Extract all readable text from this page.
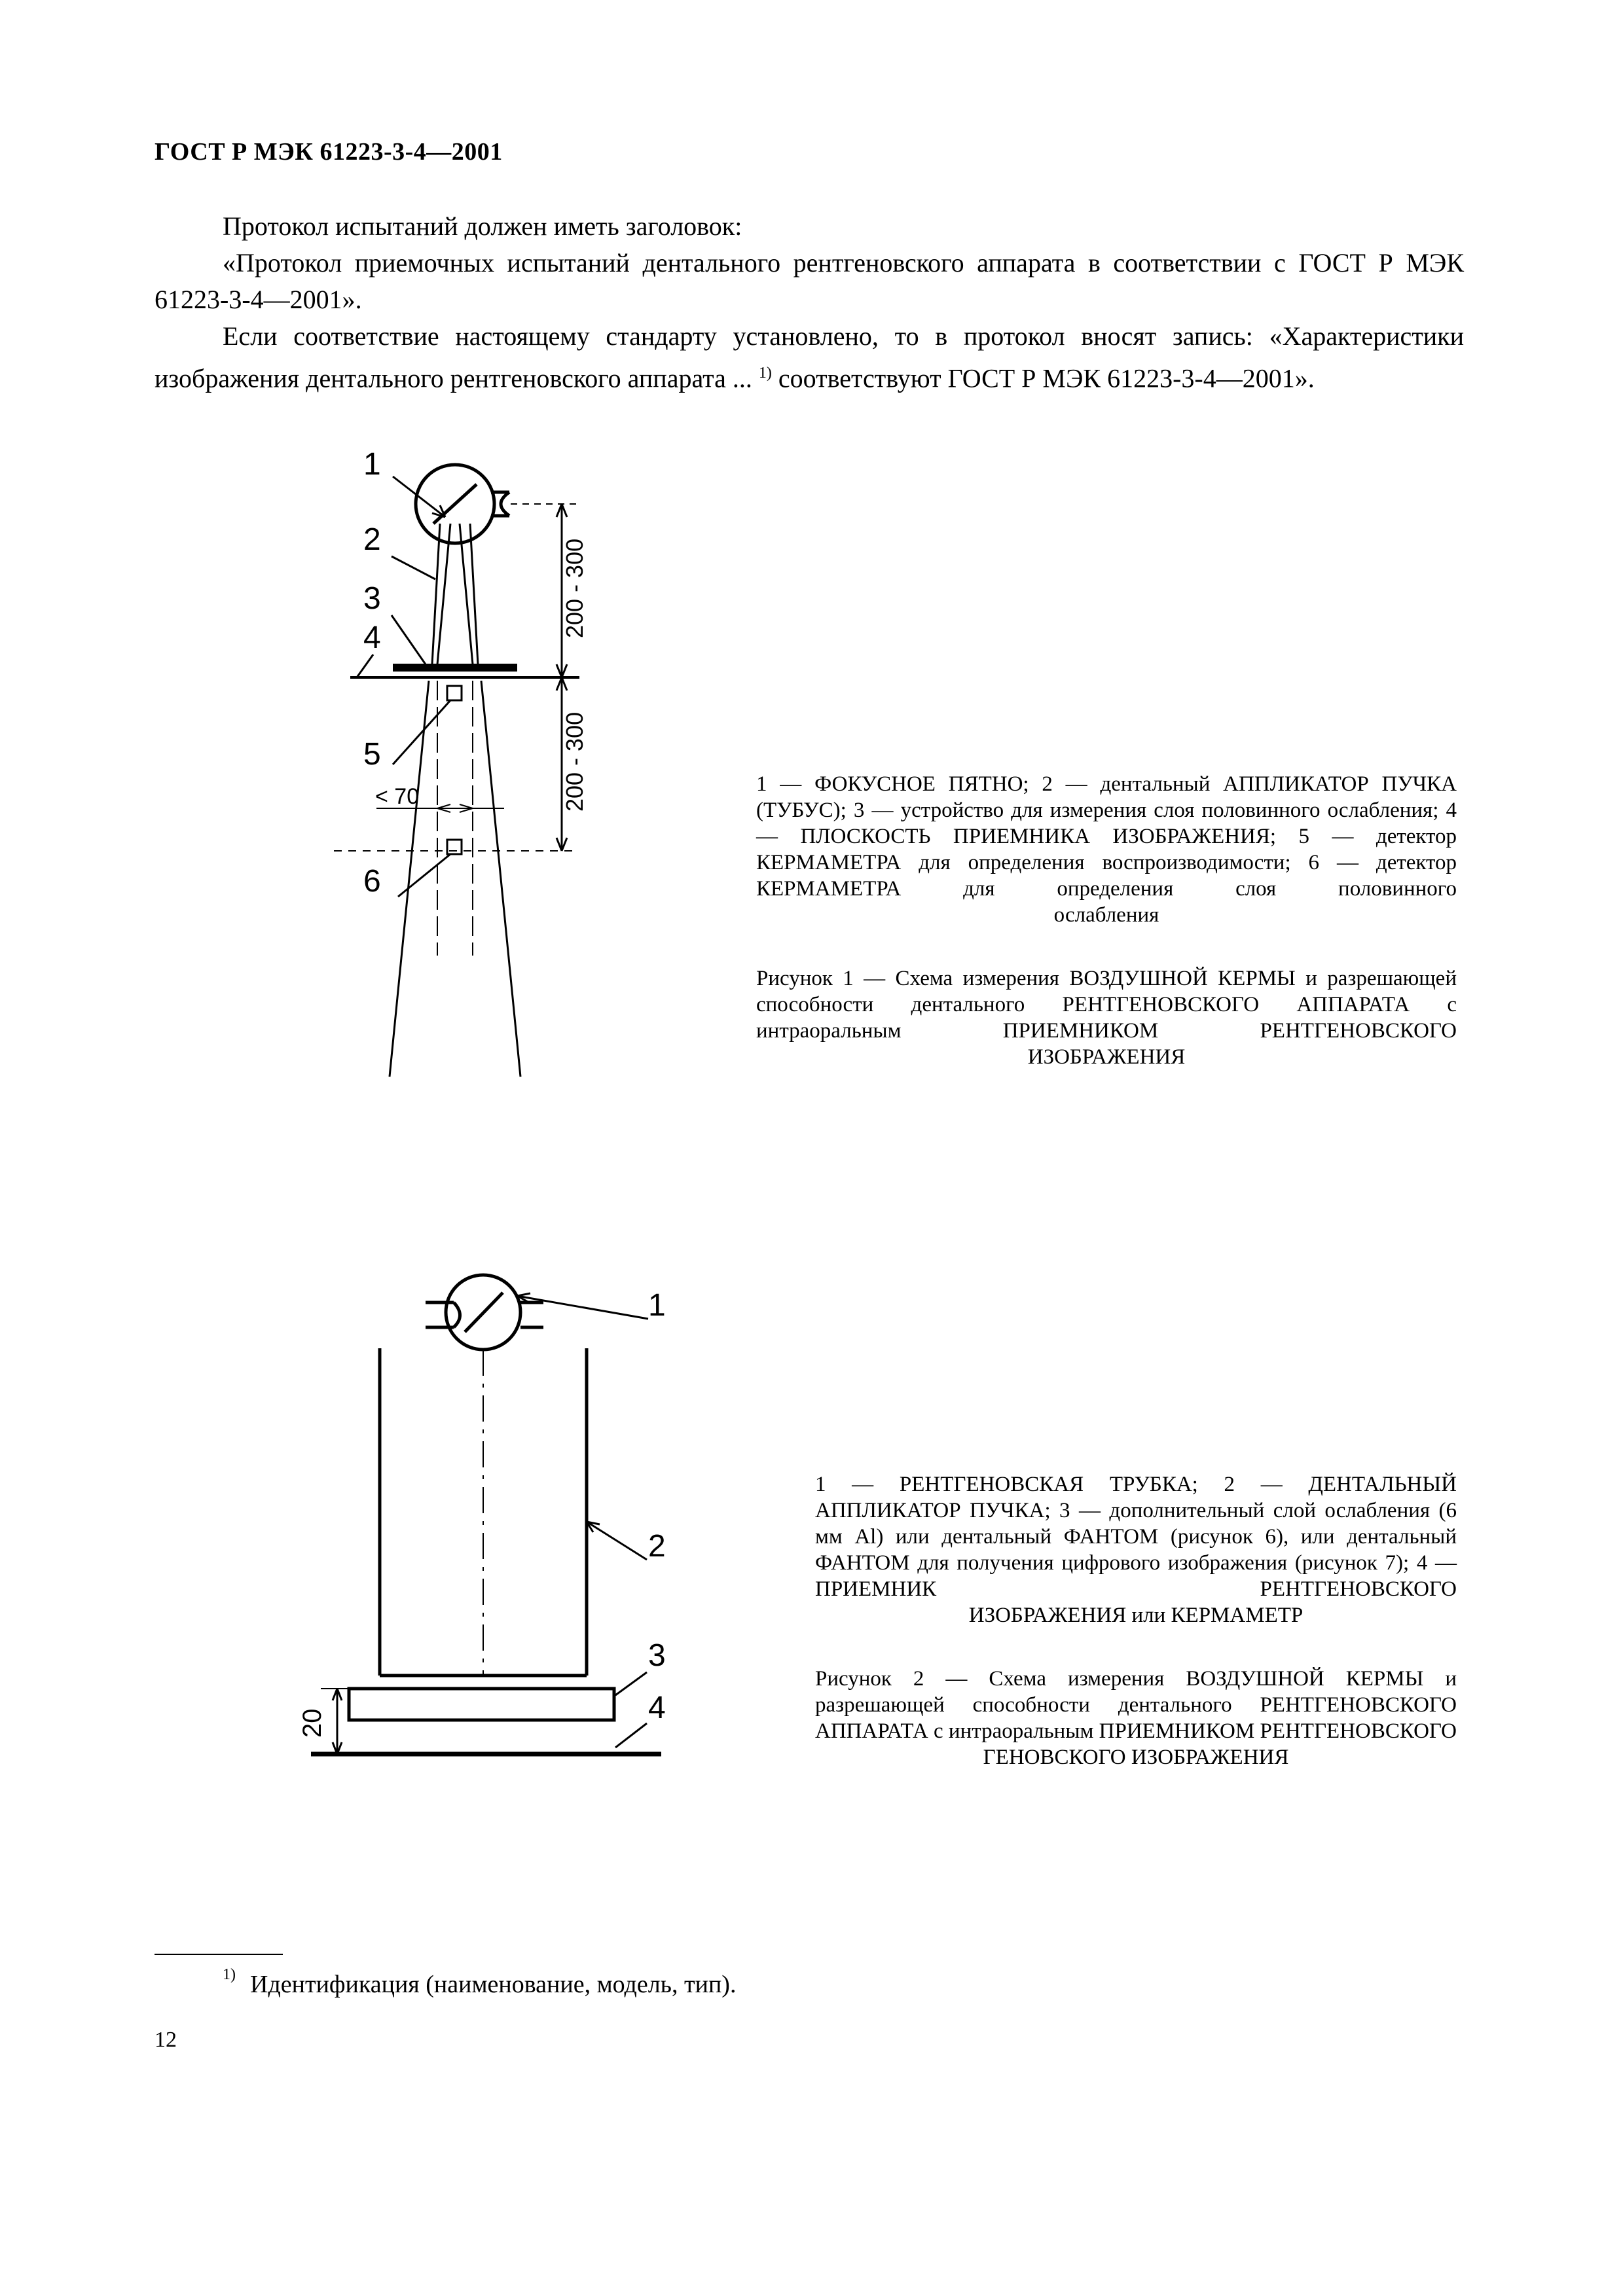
ГОСТ Р МЭК 61223-3-4—2001

Протокол испытаний должен иметь заголовок:

«Протокол приемочных испытаний дентального рентгеновского аппарата в соответствии с ГОСТ Р МЭК 61223-3-4—2001».

Если соответствие настоящему стандарту установлено, то в протокол вносят запись: «Характеристики изображения дентального рентгеновского аппарата ... $^{1)}$ соответствуют ГОСТ Р МЭК 61223-3-4—2001».

1
2
3
4
5
6
< 70
200 - 300
200 - 300	1 — ФОКУСНОЕ ПЯТНО; 2 — дентальный АППЛИКАТОР ПУЧКА (ТУБУС); 3 — устройство для измерения слоя половинного ослабления; 4 — ПЛОСКОСТЬ ПРИЕМНИКА ИЗОБРАЖЕНИЯ; 5 — детектор КЕРМАМЕТРА для определения воспроизводимости; 6 — детектор КЕРМАМЕТРА для определения слоя половинного
ослабления
Рисунок 1 — Схема измерения ВОЗДУШНОЙ КЕРМЫ и разрешающей способности дентального РЕНТГЕНОВСКОГО АППАРАТА с интраоральным ПРИЕМНИКОМ РЕНТГЕНОВСКОГО
ИЗОБРАЖЕНИЯ
1
2
3
4
20
1 — РЕНТГЕНОВСКАЯ ТРУБКА; 2 — ДЕНТАЛЬНЫЙ АППЛИКАТОР ПУЧКА; 3 — дополнительный слой ослабления (6 мм Al) или дентальный ФАНТОМ (рисунок 6), или дентальный ФАНТОМ для получения цифрового изображения (рисунок 7); 4 — ПРИЕМНИК РЕНТГЕНОВСКОГО
ИЗОБРАЖЕНИЯ или КЕРМАМЕТР
Рисунок 2 — Схема измерения ВОЗДУШНОЙ КЕРМЫ и разрешающей способности дентального РЕНТГЕНОВСКОГО АППАРАТА с интраоральным ПРИЕМНИКОМ РЕНТГЕНОВСКОГО
ГЕНОВСКОГО ИЗОБРАЖЕНИЯ
$^{1)}$ Идентификация (наименование, модель, тип).
12
